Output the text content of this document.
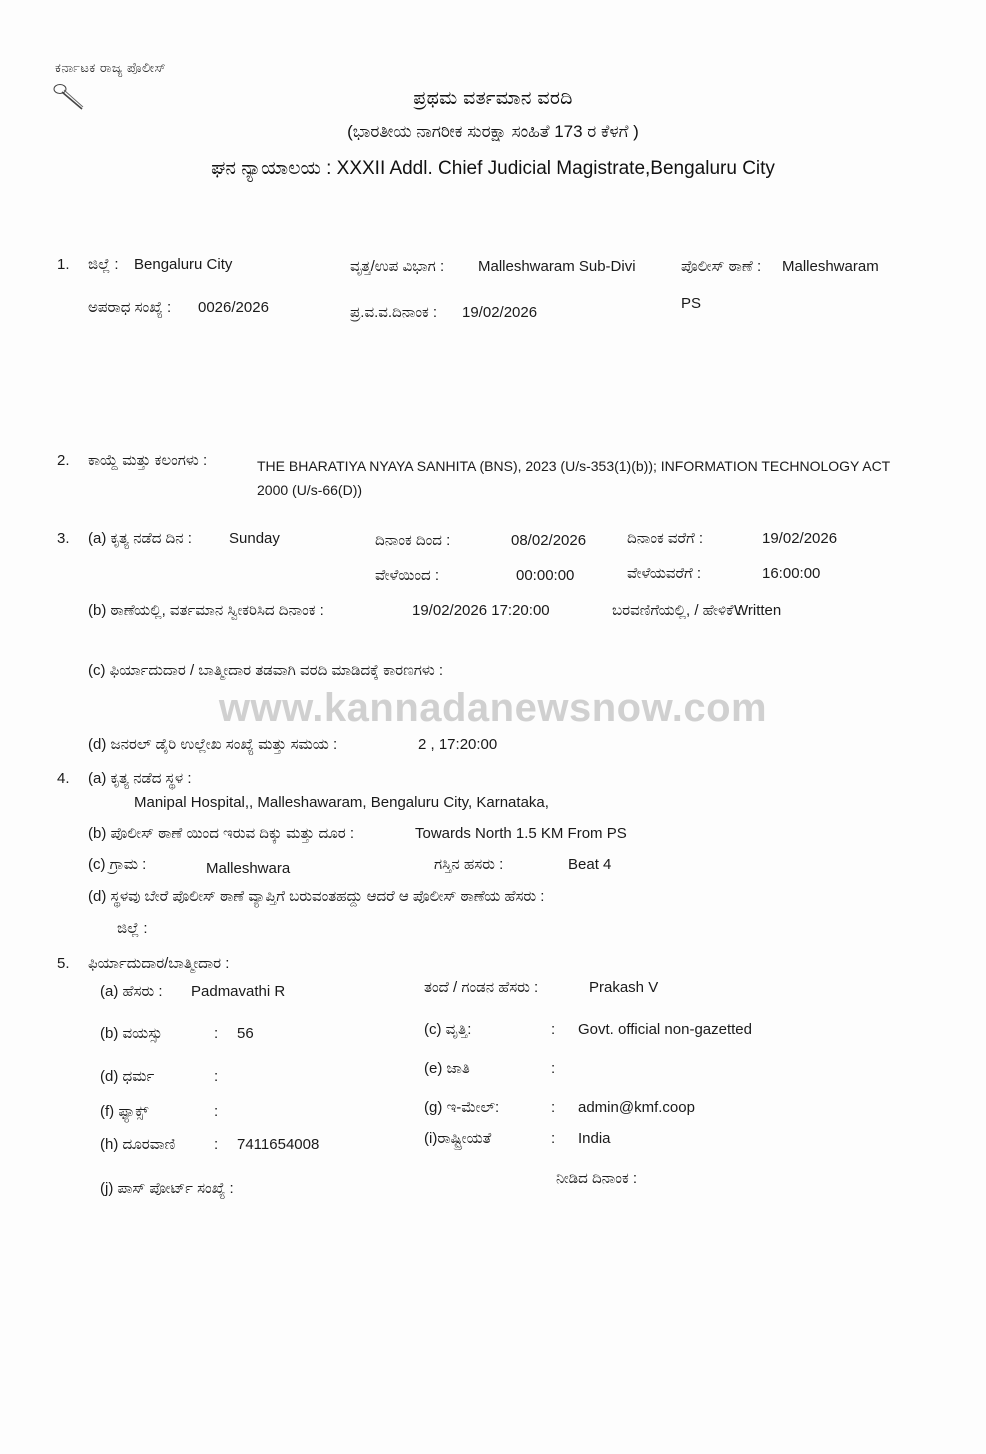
ಕರ್ನಾಟಕ ರಾಜ್ಯ ಪೊಲೀಸ್
ಪ್ರಥಮ ವರ್ತಮಾನ ವರದಿ
(ಭಾರತೀಯ ನಾಗರೀಕ ಸುರಕ್ಷಾ ಸಂಹಿತೆ 173 ರ ಕೆಳಗೆ )
ಘನ ನ್ಯಾಯಾಲಯ : XXXII Addl. Chief Judicial Magistrate,Bengaluru City
1. ಜಿಲ್ಲೆ : Bengaluru City	ವೃತ್ತ/ಉಪ ವಿಭಾಗ : Malleshwaram Sub-Divi	ಪೊಲೀಸ್ ಠಾಣೆ : Malleshwaram
PS
ಅಪರಾಧ ಸಂಖ್ಯೆ : 0026/2026	ಪ್ರ.ವ.ವ.ದಿನಾಂಕ : 19/02/2026
2. ಕಾಯ್ದೆ ಮತ್ತು ಕಲಂಗಳು :	THE BHARATIYA NYAYA SANHITA (BNS), 2023 (U/s-353(1)(b)); INFORMATION TECHNOLOGY ACT 2000 (U/s-66(D))
3. (a) ಕೃತ್ಯ ನಡೆದ ದಿನ : Sunday	ದಿನಾಂಕ ದಿಂದ :	08/02/2026	ದಿನಾಂಕ ವರೆಗೆ :	19/02/2026
ವೇಳೆಯಿಂದ :	00:00:00	ವೇಳೆಯವರೆಗೆ :	16:00:00
(b) ಠಾಣೆಯಲ್ಲಿ, ವರ್ತಮಾನ ಸ್ವೀಕರಿಸಿದ ದಿನಾಂಕ :	19/02/2026 17:20:00	ಬರವಣಿಗೆಯಲ್ಲಿ, / ಹೇಳಿಕೆ :
Written
(c) ಫಿರ್ಯಾದುದಾರ / ಬಾತ್ಮೀದಾರ ತಡವಾಗಿ ವರದಿ ಮಾಡಿದಕ್ಕೆ ಕಾರಣಗಳು :
(d) ಜನರಲ್ ಡೈರಿ ಉಲ್ಲೇಖ ಸಂಖ್ಯೆ ಮತ್ತು ಸಮಯ :	2 , 17:20:00
4. (a) ಕೃತ್ಯ ನಡೆದ ಸ್ಥಳ :
Manipal Hospital,, Malleshawaram, Bengaluru City, Karnataka,
(b) ಪೊಲೀಸ್ ಠಾಣೆ ಯಿಂದ ಇರುವ ದಿಕ್ಕು ಮತ್ತು ದೂರ :	Towards North 1.5 KM From PS
(c) ಗ್ರಾಮ :	Malleshwara	ಗಸ್ತಿನ ಹಸರು :	Beat 4
(d) ಸ್ಥಳವು ಬೇರೆ ಪೊಲೀಸ್ ಠಾಣೆ ವ್ಯಾಪ್ತಿಗೆ ಬರುವಂತಹದ್ದು ಆದರೆ ಆ ಪೊಲೀಸ್ ಠಾಣೆಯ ಹೆಸರು :
ಜಿಲ್ಲೆ :
5. ಫಿರ್ಯಾದುದಾರ/ಬಾತ್ಮೀದಾರ :
(a) ಹೆಸರು : Padmavathi R	ತಂದೆ / ಗಂಡನ ಹೆಸರು :	Prakash V
(b) ವಯಸ್ಸು	: 56	(c) ವೃತ್ತಿ:	: Govt. official non-gazetted
(d) ಧರ್ಮ	:	(e) ಜಾತಿ	:
(f) ಫ್ಯಾಕ್ಸ್	:	(g) ಇ-ಮೇಲ್:	: admin@kmf.coop
(h) ದೂರವಾಣಿ	: 7411654008	(i)ರಾಷ್ಟ್ರೀಯತೆ	: India
(j) ಪಾಸ್ ಪೋರ್ಟ್ ಸಂಖ್ಯೆ :
ನೀಡಿದ ದಿನಾಂಕ :
www.kannadanewsnow.com
